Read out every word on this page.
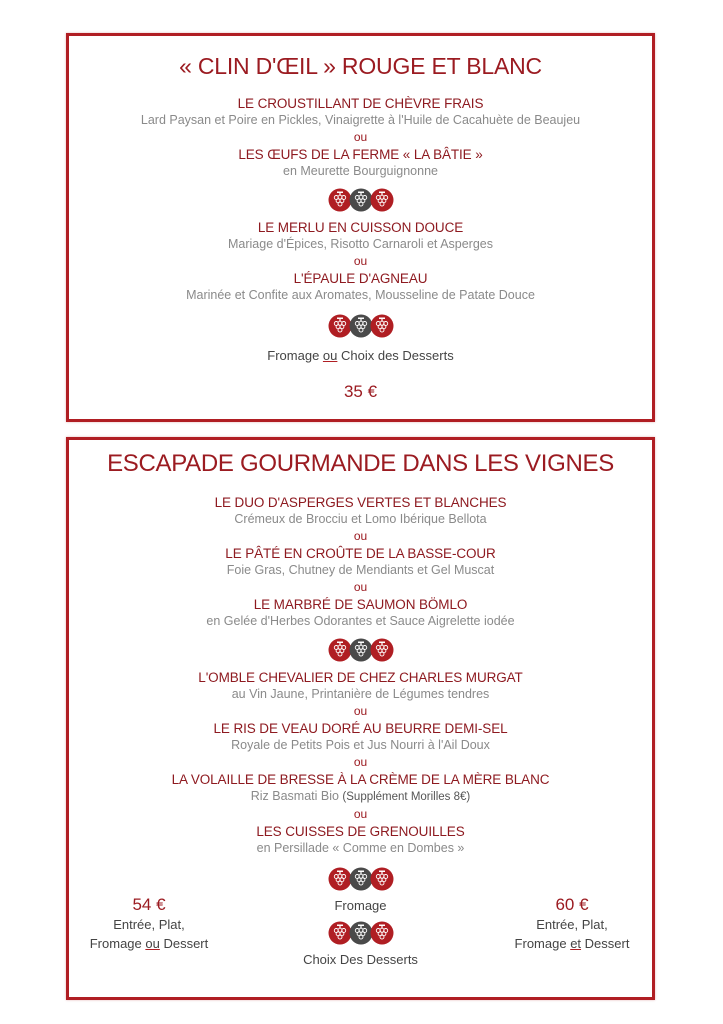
« CLIN D'ŒIL » ROUGE ET BLANC
LE CROUSTILLANT DE CHÈVRE FRAIS
Lard Paysan et Poire en Pickles, Vinaigrette à l'Huile de Cacahuète de Beaujeu
ou
LES ŒUFS DE LA FERME « LA BÂTIE »
en Meurette Bourguignonne
LE MERLU EN CUISSON DOUCE
Mariage d'Épices, Risotto Carnaroli et Asperges
ou
L'ÉPAULE D'AGNEAU
Marinée et Confite aux Aromates, Mousseline de Patate Douce
Fromage ou Choix des Desserts
35 €
ESCAPADE GOURMANDE DANS LES VIGNES
LE DUO D'ASPERGES VERTES ET BLANCHES
Crémeux de Brocciu et Lomo Ibérique Bellota
ou
LE PÂTÉ EN CROÛTE DE LA BASSE-COUR
Foie Gras, Chutney de Mendiants et Gel Muscat
ou
LE MARBRÉ DE SAUMON BÖMLO
en Gelée d'Herbes Odorantes et Sauce Aigrelette iodée
L'OMBLE CHEVALIER DE CHEZ CHARLES MURGAT
au Vin Jaune, Printanière de Légumes tendres
ou
LE RIS DE VEAU DORÉ AU BEURRE DEMI-SEL
Royale de Petits Pois et Jus Nourri à l'Ail Doux
ou
LA VOLAILLE DE BRESSE À LA CRÈME DE LA MÈRE BLANC
Riz Basmati Bio (Supplément Morilles 8€)
ou
LES CUISSES DE GRENOUILLES
en Persillade « Comme en Dombes »
54 €
Entrée, Plat,
Fromage ou Dessert
Fromage
Choix Des Desserts
60 €
Entrée, Plat,
Fromage et Dessert
